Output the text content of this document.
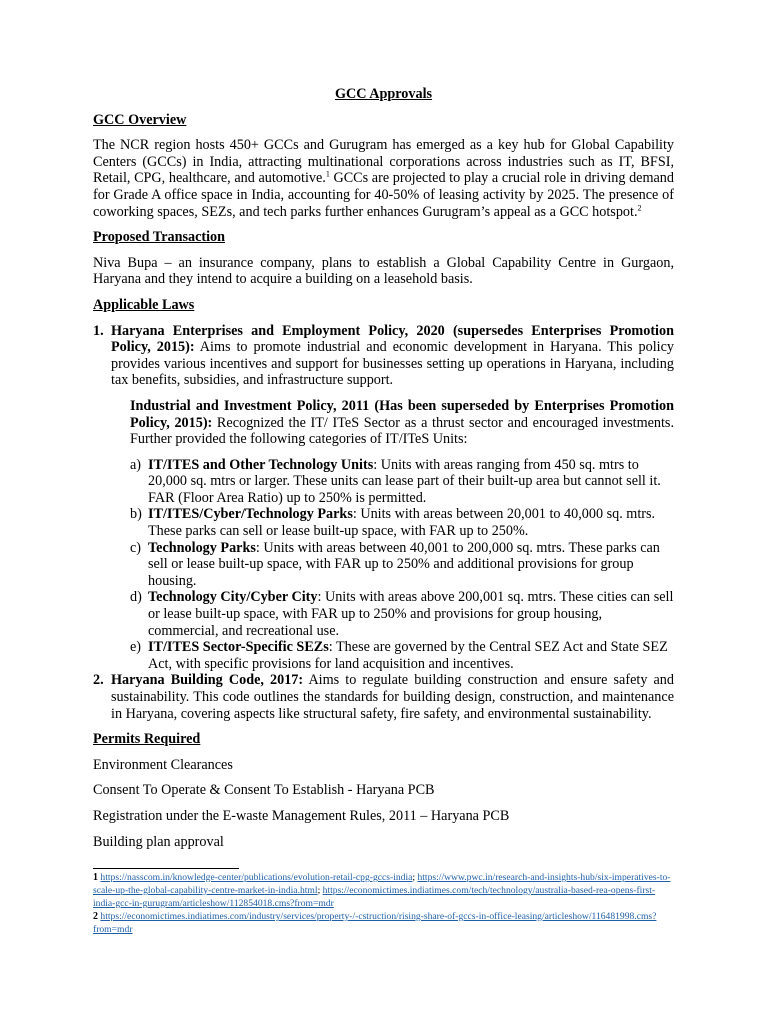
GCC Approvals

GCC Overview

The NCR region hosts 450+ GCCs and Gurugram has emerged as a key hub for Global Capability Centers (GCCs) in India, attracting multinational corporations across industries such as IT, BFSI, Retail, CPG, healthcare, and automotive.$^1$ GCCs are projected to play a crucial role in driving demand for Grade A office space in India, accounting for 40-50% of leasing activity by 2025. The presence of coworking spaces, SEZs, and tech parks further enhances Gurugram’s appeal as a GCC hotspot.$^2$

Proposed Transaction

Niva Bupa – an insurance company, plans to establish a Global Capability Centre in Gurgaon, Haryana and they intend to acquire a building on a leasehold basis.

Applicable Laws

1. Haryana Enterprises and Employment Policy, 2020 (supersedes Enterprises Promotion Policy, 2015): Aims to promote industrial and economic development in Haryana. This policy provides various incentives and support for businesses setting up operations in Haryana, including tax benefits, subsidies, and infrastructure support.

Industrial and Investment Policy, 2011 (Has been superseded by Enterprises Promotion Policy, 2015): Recognized the IT/ ITeS Sector as a thrust sector and encouraged investments. Further provided the following categories of IT/ITeS Units:

a) IT/ITES and Other Technology Units: Units with areas ranging from 450 sq. mtrs to 20,000 sq. mtrs or larger. These units can lease part of their built-up area but cannot sell it. FAR (Floor Area Ratio) up to 250% is permitted.
b) IT/ITES/Cyber/Technology Parks: Units with areas between 20,001 to 40,000 sq. mtrs. These parks can sell or lease built-up space, with FAR up to 250%.
c) Technology Parks: Units with areas between 40,001 to 200,000 sq. mtrs. These parks can sell or lease built-up space, with FAR up to 250% and additional provisions for group housing.
d) Technology City/Cyber City: Units with areas above 200,001 sq. mtrs. These cities can sell or lease built-up space, with FAR up to 250% and provisions for group housing, commercial, and recreational use.
e) IT/ITES Sector-Specific SEZs: These are governed by the Central SEZ Act and State SEZ Act, with specific provisions for land acquisition and incentives.
2. Haryana Building Code, 2017: Aims to regulate building construction and ensure safety and sustainability. This code outlines the standards for building design, construction, and maintenance in Haryana, covering aspects like structural safety, fire safety, and environmental sustainability.

Permits Required

Environment Clearances

Consent To Operate & Consent To Establish - Haryana PCB

Registration under the E-waste Management Rules, 2011 – Haryana PCB

Building plan approval

1 https://nasscom.in/knowledge-center/publications/evolution-retail-cpg-gccs-india; https://www.pwc.in/research-and-insights-hub/six-imperatives-to-scale-up-the-global-capability-centre-market-in-india.html; https://economictimes.indiatimes.com/tech/technology/australia-based-rea-opens-first-india-gcc-in-gurugram/articleshow/112854018.cms?from=mdr

2 https://economictimes.indiatimes.com/industry/services/property-/-cstruction/rising-share-of-gccs-in-office-leasing/articleshow/116481998.cms?from=mdr
